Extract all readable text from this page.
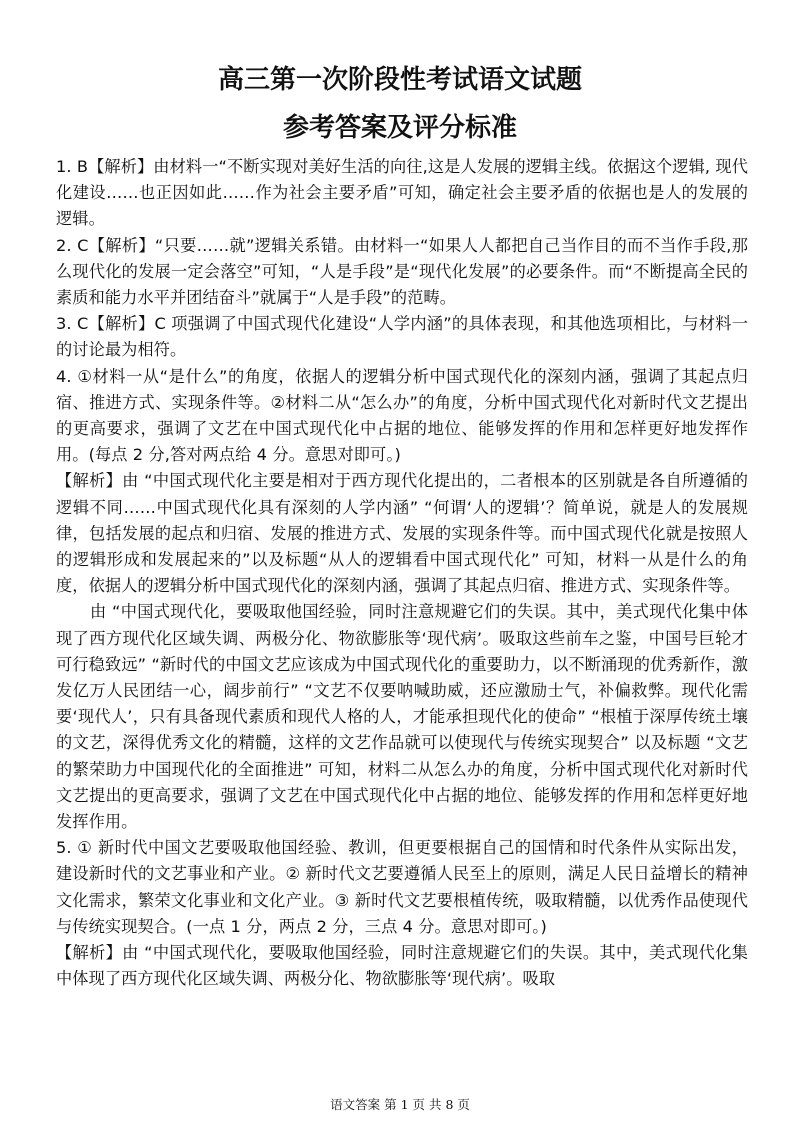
高三第一次阶段性考试语文试题
参考答案及评分标准

1. B【解析】由材料一“不断实现对美好生活的向往,这是人发展的逻辑主线。依据这个逻辑, 现代化建设……也正因如此……作为社会主要矛盾”可知，确定社会主要矛盾的依据也是人的发展的逻辑。

2. C【解析】“只要……就”逻辑关系错。由材料一“如果人人都把自己当作目的而不当作手段,那么现代化的发展一定会落空”可知，“人是手段”是“现代化发展”的必要条件。而“不断提高全民的素质和能力水平并团结奋斗”就属于“人是手段”的范畴。

3. C【解析】C 项强调了中国式现代化建设“人学内涵”的具体表现，和其他选项相比，与材料一的讨论最为相符。

4. ①材料一从“是什么”的角度，依据人的逻辑分析中国式现代化的深刻内涵，强调了其起点归宿、推进方式、实现条件等。②材料二从“怎么办”的角度，分析中国式现代化对新时代文艺提出的更高要求，强调了文艺在中国式现代化中占据的地位、能够发挥的作用和怎样更好地发挥作用。(每点 2 分,答对两点给 4 分。意思对即可。)

【解析】由 “中国式现代化主要是相对于西方现代化提出的，二者根本的区别就是各自所遵循的逻辑不同……中国式现代化具有深刻的人学内涵” “何谓‘人的逻辑’？简单说，就是人的发展规律，包括发展的起点和归宿、发展的推进方式、发展的实现条件等。而中国式现代化就是按照人的逻辑形成和发展起来的”以及标题“从人的逻辑看中国式现代化” 可知，材料一从是什么的角度，依据人的逻辑分析中国式现代化的深刻内涵，强调了其起点归宿、推进方式、实现条件等。

由 “中国式现代化，要吸取他国经验，同时注意规避它们的失误。其中，美式现代化集中体现了西方现代化区域失调、两极分化、物欲膨胀等‘现代病’。吸取这些前车之鉴，中国号巨轮才可行稳致远” “新时代的中国文艺应该成为中国式现代化的重要助力，以不断涌现的优秀新作，激发亿万人民团结一心，阔步前行” “文艺不仅要呐喊助威，还应激励士气，补偏救弊。现代化需要‘现代人’，只有具备现代素质和现代人格的人，才能承担现代化的使命” “根植于深厚传统土壤的文艺，深得优秀文化的精髓，这样的文艺作品就可以使现代与传统实现契合” 以及标题 “文艺的繁荣助力中国现代化的全面推进” 可知，材料二从怎么办的角度，分析中国式现代化对新时代文艺提出的更高要求，强调了文艺在中国式现代化中占据的地位、能够发挥的作用和怎样更好地发挥作用。

5. ① 新时代中国文艺要吸取他国经验、教训，但更要根据自己的国情和时代条件从实际出发，建设新时代的文艺事业和产业。② 新时代文艺要遵循人民至上的原则，满足人民日益增长的精神文化需求，繁荣文化事业和文化产业。③ 新时代文艺要根植传统，吸取精髓，以优秀作品使现代与传统实现契合。(一点 1 分，两点 2 分，三点 4 分。意思对即可。)

【解析】由 “中国式现代化，要吸取他国经验，同时注意规避它们的失误。其中，美式现代化集中体现了西方现代化区域失调、两极分化、物欲膨胀等‘现代病’。吸取

语文答案 第 1 页 共 8 页
